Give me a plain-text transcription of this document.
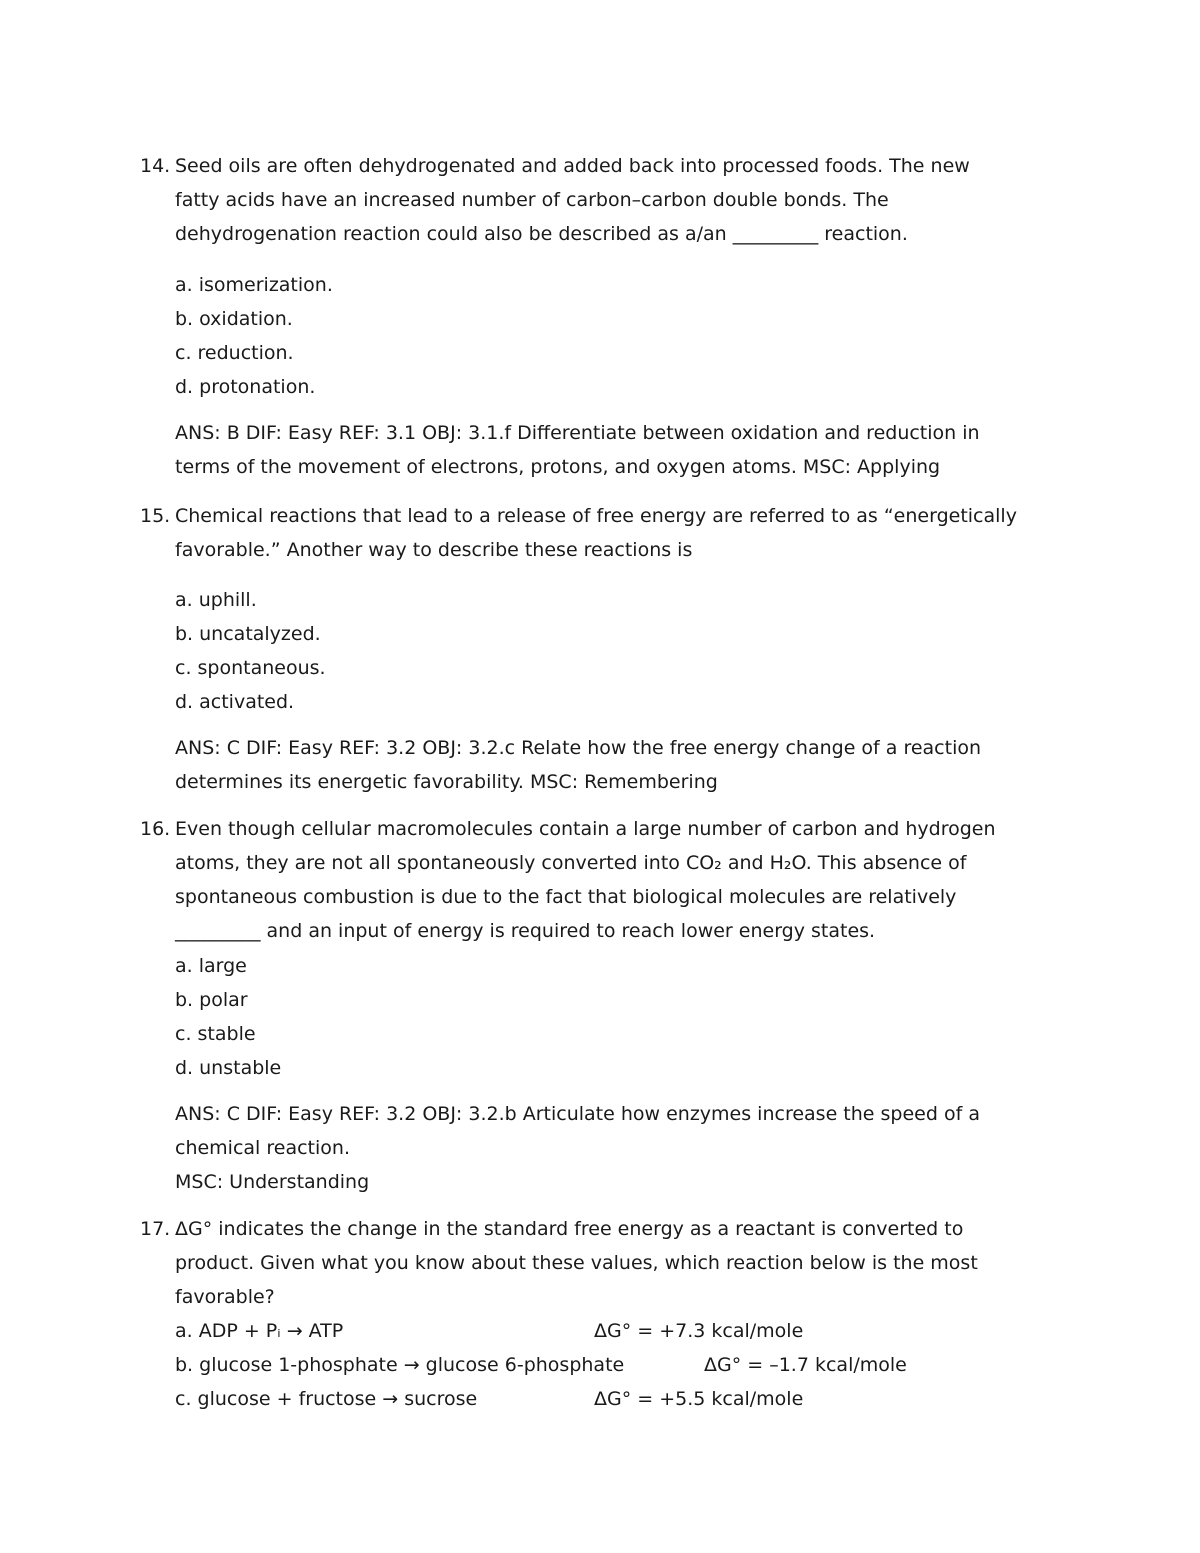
14. Seed oils are often dehydrogenated and added back into processed foods. The new
fatty acids have an increased number of carbon–carbon double bonds. The
dehydrogenation reaction could also be described as a/an _________ reaction.
a. isomerization.
b. oxidation.
c. reduction.
d. protonation.
ANS: B DIF: Easy REF: 3.1 OBJ: 3.1.f Differentiate between oxidation and reduction in
terms of the movement of electrons, protons, and oxygen atoms. MSC: Applying
15. Chemical reactions that lead to a release of free energy are referred to as “energetically
favorable.” Another way to describe these reactions is
a. uphill.
b. uncatalyzed.
c. spontaneous.
d. activated.
ANS: C DIF: Easy REF: 3.2 OBJ: 3.2.c Relate how the free energy change of a reaction
determines its energetic favorability. MSC: Remembering
16. Even though cellular macromolecules contain a large number of carbon and hydrogen
atoms, they are not all spontaneously converted into CO₂ and H₂O. This absence of
spontaneous combustion is due to the fact that biological molecules are relatively
_________ and an input of energy is required to reach lower energy states.
a. large
b. polar
c. stable
d. unstable
ANS: C DIF: Easy REF: 3.2 OBJ: 3.2.b Articulate how enzymes increase the speed of a
chemical reaction.
MSC: Understanding
17. ΔG° indicates the change in the standard free energy as a reactant is converted to
product. Given what you know about these values, which reaction below is the most
favorable?
a. ADP + Pᵢ → ATP	ΔG° = +7.3 kcal/mole
b. glucose 1-phosphate → glucose 6-phosphate	ΔG° = –1.7 kcal/mole
c. glucose + fructose → sucrose	ΔG° = +5.5 kcal/mole
